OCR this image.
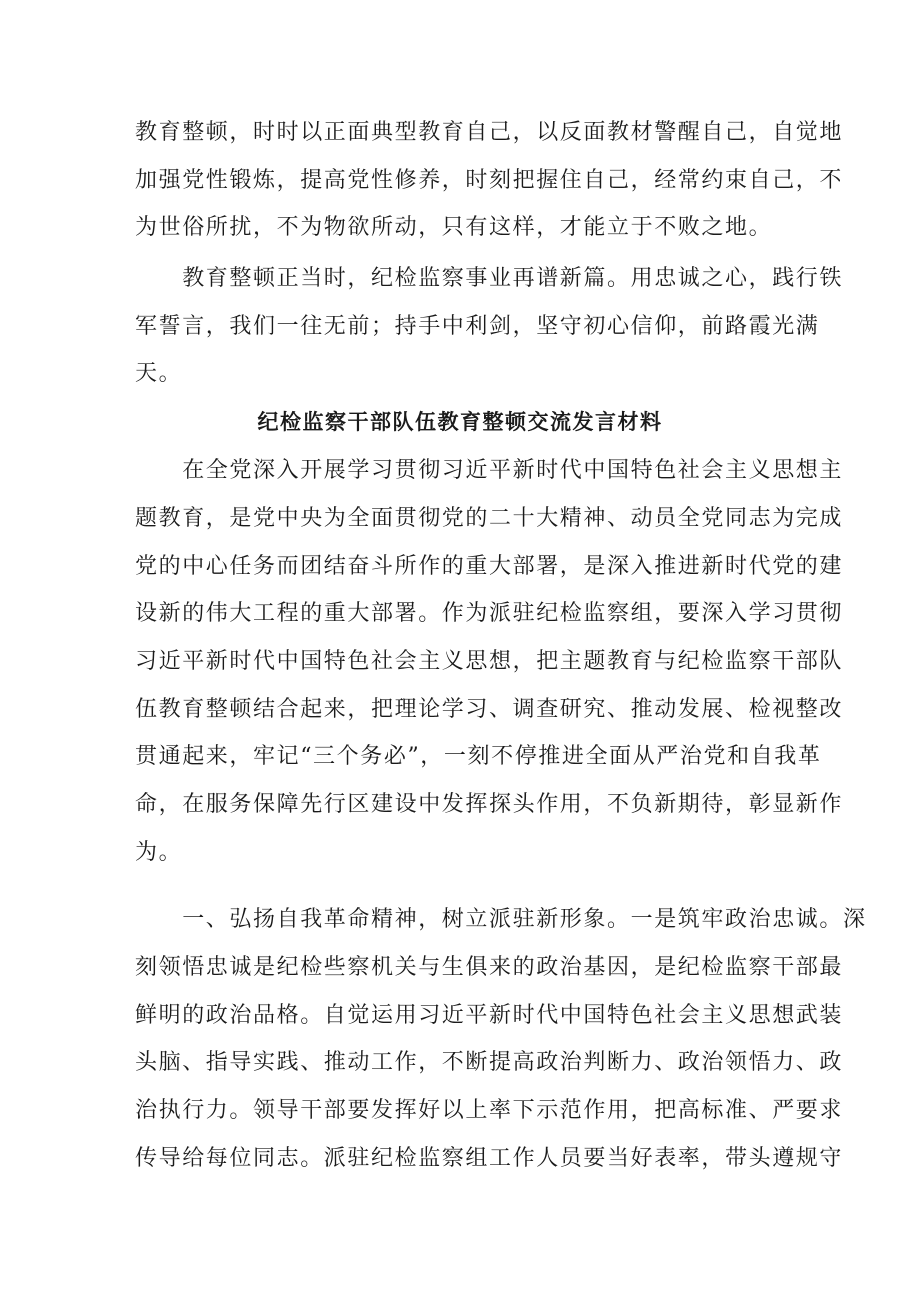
教育整顿，时时以正面典型教育自己，以反面教材警醒自己，自觉地

加强党性锻炼，提高党性修养，时刻把握住自己，经常约束自己，不

为世俗所扰，不为物欲所动，只有这样，才能立于不败之地。

　　教育整顿正当时，纪检监察事业再谱新篇。用忠诚之心，践行铁

军誓言，我们一往无前；持手中利剑，坚守初心信仰，前路霞光满

天。

纪检监察干部队伍教育整顿交流发言材料

　　在全党深入开展学习贯彻习近平新时代中国特色社会主义思想主

题教育，是党中央为全面贯彻党的二十大精神、动员全党同志为完成

党的中心任务而团结奋斗所作的重大部署，是深入推进新时代党的建

设新的伟大工程的重大部署。作为派驻纪检监察组，要深入学习贯彻

习近平新时代中国特色社会主义思想，把主题教育与纪检监察干部队

伍教育整顿结合起来，把理论学习、调查研究、推动发展、检视整改

贯通起来，牢记“三个务必”，一刻不停推进全面从严治党和自我革

命，在服务保障先行区建设中发挥探头作用，不负新期待，彰显新作

为。

　　一、弘扬自我革命精神，树立派驻新形象。一是筑牢政治忠诚。深

刻领悟忠诚是纪检些察机关与生俱来的政治基因，是纪检监察干部最

鲜明的政治品格。自觉运用习近平新时代中国特色社会主义思想武装

头脑、指导实践、推动工作，不断提高政治判断力、政治领悟力、政

治执行力。领导干部要发挥好以上率下示范作用，把高标准、严要求

传导给每位同志。派驻纪检监察组工作人员要当好表率，带头遵规守
